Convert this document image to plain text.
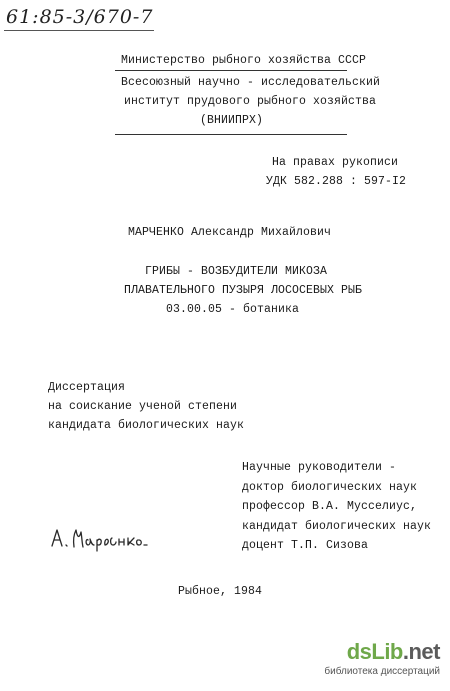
61:85-3/670-7
Министерство рыбного хозяйства СССР
Всесоюзный научно - исследовательский
институт прудового рыбного хозяйства
(ВНИИПРХ)
На правах рукописи
УДК 582.288 : 597-I2
МАРЧЕНКО Александр Михайлович
ГРИБЫ - ВОЗБУДИТЕЛИ МИКОЗА
ПЛАВАТЕЛЬНОГО ПУЗЫРЯ ЛОСОСЕВЫХ РЫБ
03.00.05 - ботаника
Диссертация
на соискание ученой степени
кандидата биологических наук
Научные руководители -
доктор биологических наук
профессор В.А. Мусселиус,
кандидат биологических наук
доцент Т.П. Сизова
Рыбное, 1984
dsLib.net
библиотека диссертаций
